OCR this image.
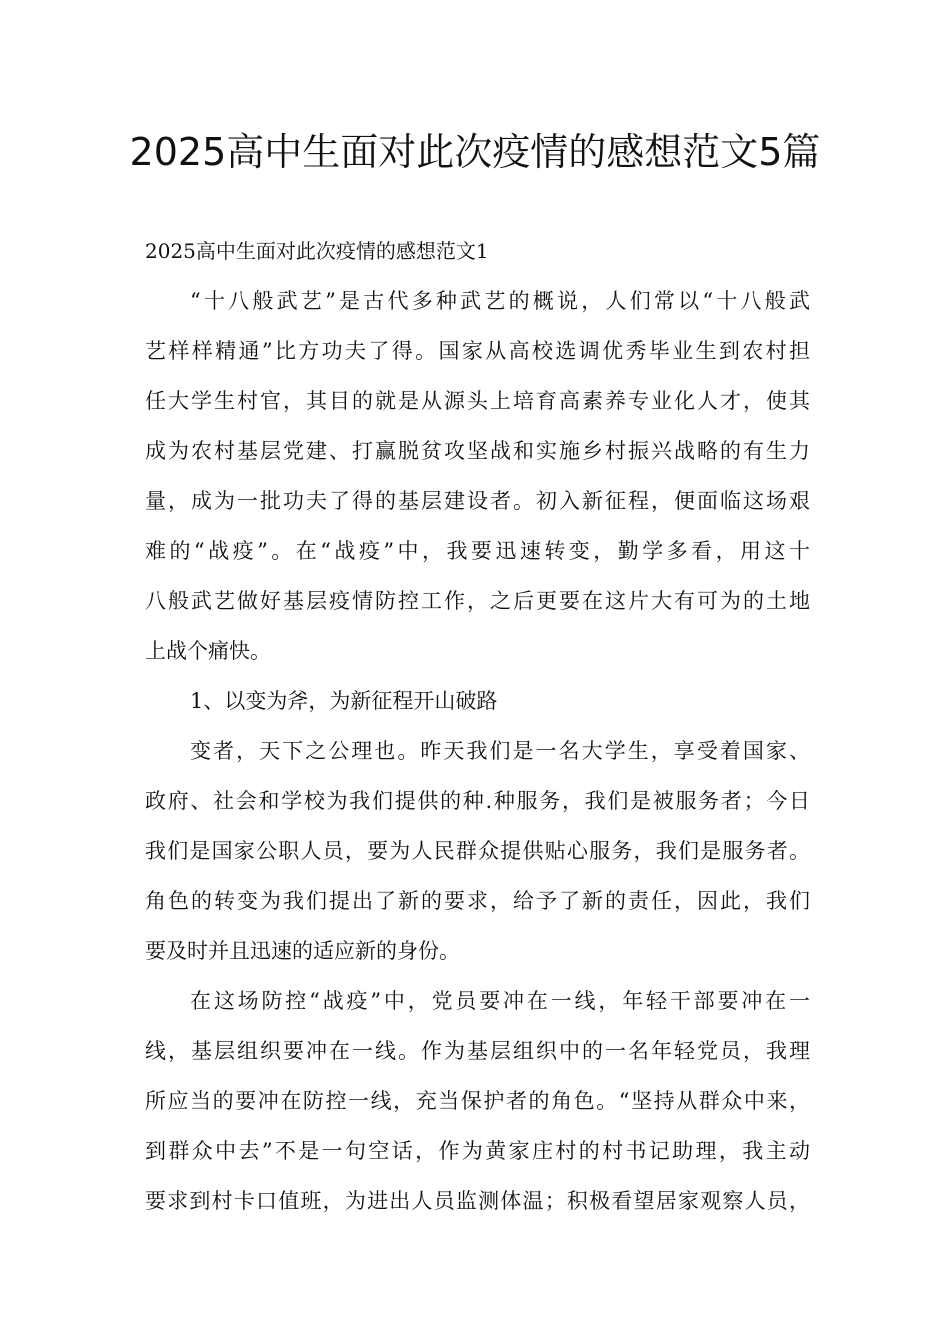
2025高中生面对此次疫情的感想范文5篇

2025高中生面对此次疫情的感想范文1

“十八般武艺”是古代多种武艺的概说，人们常以“十八般武

艺样样精通”比方功夫了得。国家从高校选调优秀毕业生到农村担

任大学生村官，其目的就是从源头上培育高素养专业化人才，使其

成为农村基层党建、打赢脱贫攻坚战和实施乡村振兴战略的有生力

量，成为一批功夫了得的基层建设者。初入新征程，便面临这场艰

难的“战疫”。在“战疫”中，我要迅速转变，勤学多看，用这十

八般武艺做好基层疫情防控工作，之后更要在这片大有可为的土地

上战个痛快。

1、以变为斧，为新征程开山破路

变者，天下之公理也。昨天我们是一名大学生，享受着国家、

政府、社会和学校为我们提供的种.种服务，我们是被服务者；今日

我们是国家公职人员，要为人民群众提供贴心服务，我们是服务者。

角色的转变为我们提出了新的要求，给予了新的责任，因此，我们

要及时并且迅速的适应新的身份。

在这场防控“战疫”中，党员要冲在一线，年轻干部要冲在一

线，基层组织要冲在一线。作为基层组织中的一名年轻党员，我理

所应当的要冲在防控一线，充当保护者的角色。“坚持从群众中来，

到群众中去”不是一句空话，作为黄家庄村的村书记助理，我主动

要求到村卡口值班，为进出人员监测体温；积极看望居家观察人员，
